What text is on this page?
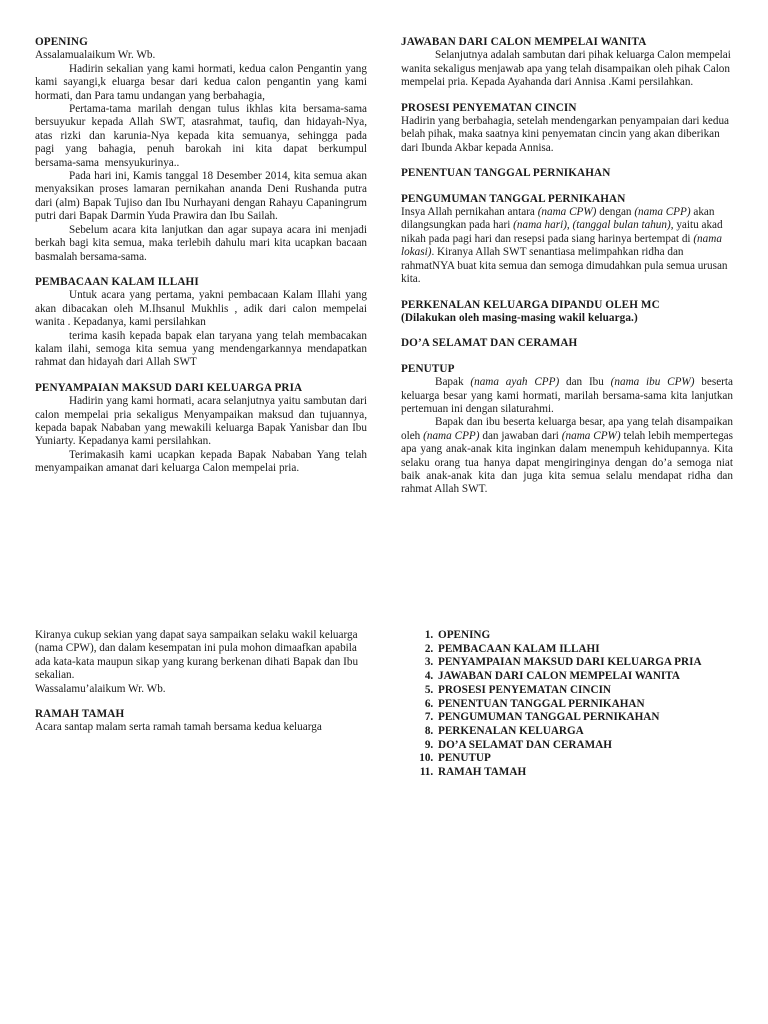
OPENING

Assalamualaikum Wr. Wb.

Hadirin sekalian yang kami hormati, kedua calon Pengantin yang kami sayangi,k eluarga besar dari kedua calon pengantin yang kami hormati, dan Para tamu undangan yang berbahagia,

Pertama-tama marilah dengan tulus ikhlas kita bersama-sama bersuyukur kepada Allah SWT, atasrahmat, taufiq, dan hidayah-Nya, atas rizki dan karunia-Nya kepada kita semuanya, sehingga pada pagi yang bahagia, penuh barokah ini kita dapat berkumpul bersama-sama mensyukurinya..

Pada hari ini, Kamis tanggal 18 Desember 2014, kita semua akan menyaksikan proses lamaran pernikahan ananda Deni Rushanda putra dari (alm) Bapak Tujiso dan Ibu Nurhayani dengan Rahayu Capaningrum putri dari Bapak Darmin Yuda Prawira dan Ibu Sailah.

Sebelum acara kita lanjutkan dan agar supaya acara ini menjadi berkah bagi kita semua, maka terlebih dahulu mari kita ucapkan bacaan basmalah bersama-sama.

PEMBACAAN KALAM ILLAHI

Untuk acara yang pertama, yakni pembacaan Kalam Illahi yang akan dibacakan oleh M.Ihsanul Mukhlis , adik dari calon mempelai wanita . Kepadanya, kami persilahkan

terima kasih kepada bapak elan taryana yang telah membacakan kalam ilahi, semoga kita semua yang mendengarkannya mendapatkan rahmat dan hidayah dari Allah SWT

PENYAMPAIAN MAKSUD DARI KELUARGA PRIA

Hadirin yang kami hormati, acara selanjutnya yaitu sambutan dari calon mempelai pria sekaligus Menyampaikan maksud dan tujuannya, kepada bapak Nababan yang mewakili keluarga Bapak Yanisbar dan Ibu Yuniarty. Kepadanya kami persilahkan.

Terimakasih kami ucapkan kepada Bapak Nababan Yang telah menyampaikan amanat dari keluarga Calon mempelai pria.

JAWABAN DARI CALON MEMPELAI WANITA

Selanjutnya adalah sambutan dari pihak keluarga Calon mempelai wanita sekaligus menjawab apa yang telah disampaikan oleh pihak Calon mempelai pria. Kepada Ayahanda dari Annisa .Kami persilahkan.

PROSESI PENYEMATAN CINCIN

Hadirin yang berbahagia, setelah mendengarkan penyampaian dari kedua belah pihak, maka saatnya kini penyematan cincin yang akan diberikan dari Ibunda Akbar kepada Annisa.

PENENTUAN TANGGAL PERNIKAHAN
PENGUMUMAN TANGGAL PERNIKAHAN

Insya Allah pernikahan antara (nama CPW) dengan (nama CPP) akan dilangsungkan pada hari (nama hari), (tanggal bulan tahun), yaitu akad nikah pada pagi hari dan resepsi pada siang harinya bertempat di (nama lokasi). Kiranya Allah SWT senantiasa melimpahkan ridha dan rahmatNYA buat kita semua dan semoga dimudahkan pula semua urusan kita.

PERKENALAN KELUARGA DIPANDU OLEH MC
(Dilakukan oleh masing-masing wakil keluarga.)
DO’A SELAMAT DAN CERAMAH
PENUTUP

Bapak (nama ayah CPP) dan Ibu (nama ibu CPW) beserta keluarga besar yang kami hormati, marilah bersama-sama kita lanjutkan pertemuan ini dengan silaturahmi.

Bapak dan ibu beserta keluarga besar, apa yang telah disampaikan oleh (nama CPP) dan jawaban dari (nama CPW) telah lebih mempertegas apa yang anak-anak kita inginkan dalam menempuh kehidupannya. Kita selaku orang tua hanya dapat mengiringinya dengan do’a semoga niat baik anak-anak kita dan juga kita semua selalu mendapat ridha dan rahmat Allah SWT.

Kiranya cukup sekian yang dapat saya sampaikan selaku wakil keluarga (nama CPW), dan dalam kesempatan ini pula mohon dimaafkan apabila ada kata-kata maupun sikap yang kurang berkenan dihati Bapak dan Ibu sekalian.

Wassalamu’alaikum Wr. Wb.

RAMAH TAMAH

Acara santap malam serta ramah tamah bersama kedua keluarga

1. OPENING
2. PEMBACAAN KALAM ILLAHI
3. PENYAMPAIAN MAKSUD DARI KELUARGA PRIA
4. JAWABAN DARI CALON MEMPELAI WANITA
5. PROSESI PENYEMATAN CINCIN
6. PENENTUAN TANGGAL PERNIKAHAN
7. PENGUMUMAN TANGGAL PERNIKAHAN
8. PERKENALAN KELUARGA
9. DO’A SELAMAT DAN CERAMAH
10. PENUTUP
11. RAMAH TAMAH
